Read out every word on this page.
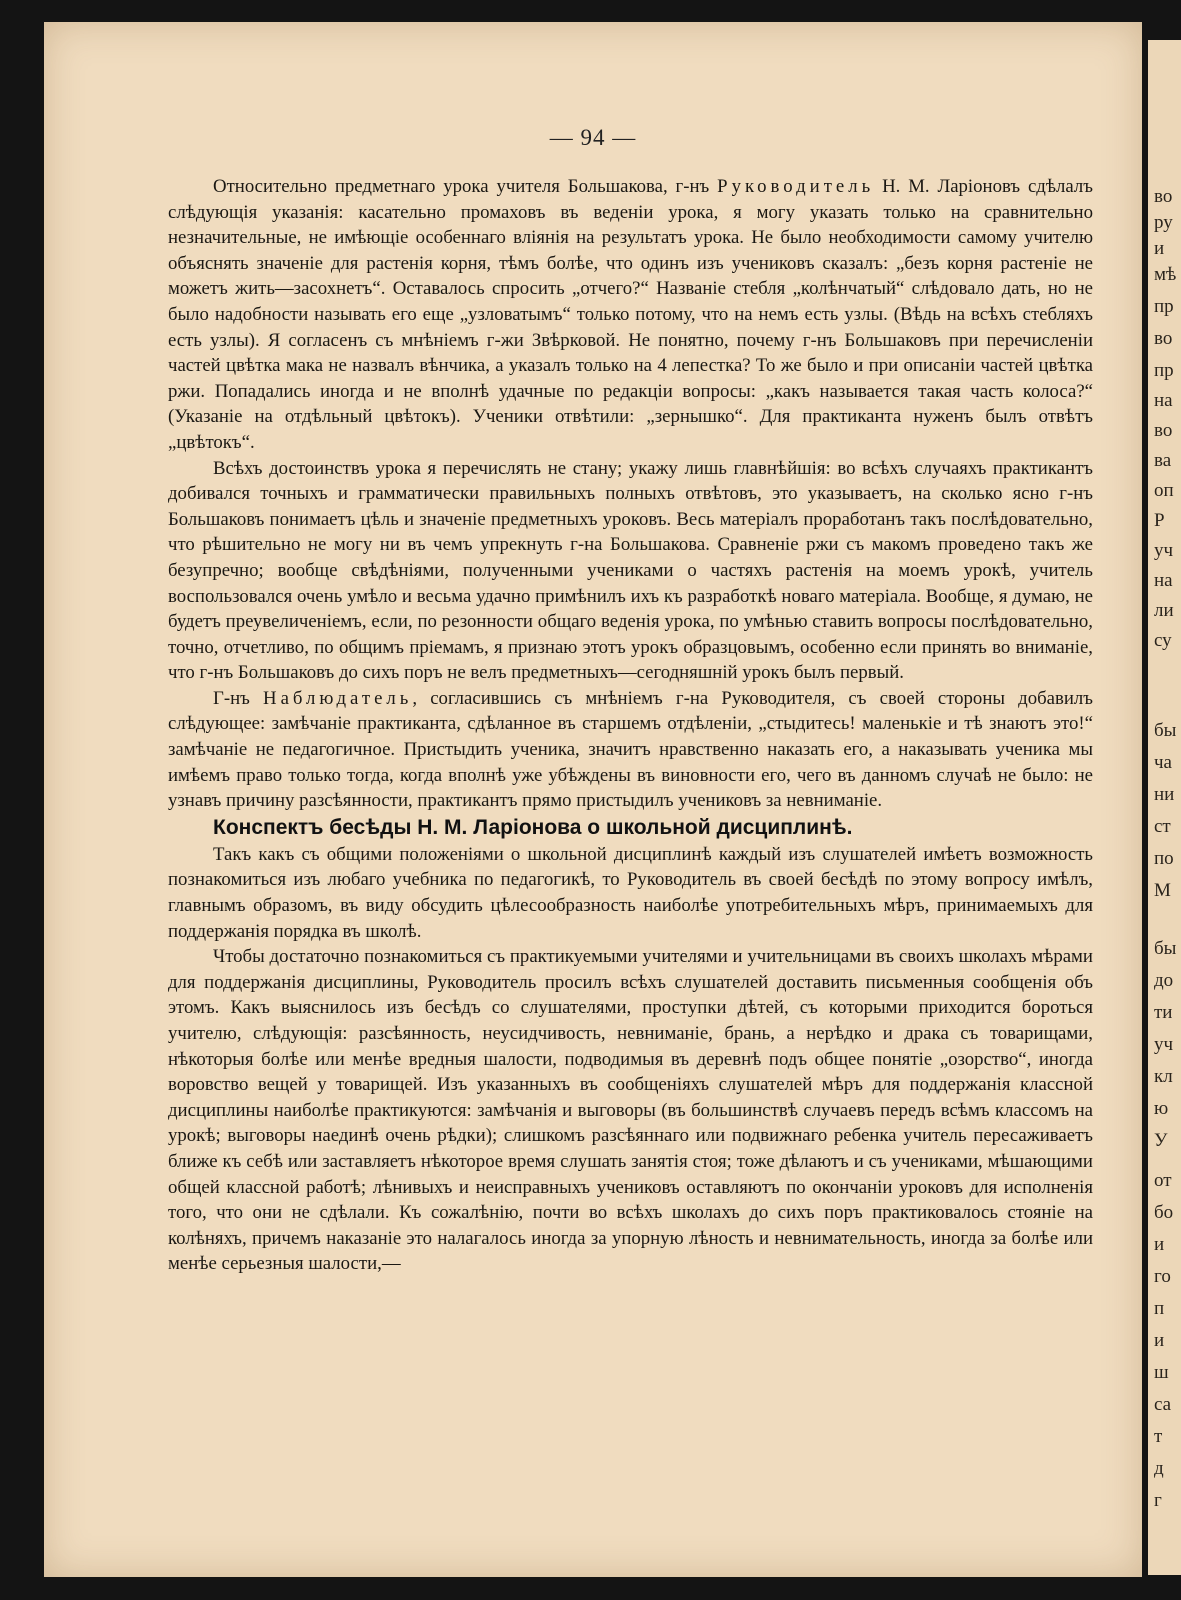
— 94 —

Относительно предметнаго урока учителя Большакова, г-нъ Руководитель Н. М. Ларіоновъ сдѣлалъ слѣдующія указанія: касательно промаховъ въ веденіи урока, я могу указать только на сравнительно незначительные, не имѣющіе особеннаго вліянія на результатъ урока. Не было необходимости самому учителю объяснять значеніе для растенія корня, тѣмъ болѣе, что одинъ изъ учениковъ сказалъ: „безъ корня растеніе не можетъ жить—засохнетъ“. Оставалось спросить „отчего?“ Названіе стебля „колѣнчатый“ слѣдовало дать, но не было надобности называть его еще „узловатымъ“ только потому, что на немъ есть узлы. (Вѣдь на всѣхъ стебляхъ есть узлы). Я согласенъ съ мнѣніемъ г-жи Звѣрковой. Не понятно, почему г-нъ Большаковъ при перечисленіи частей цвѣтка мака не назвалъ вѣнчика, а указалъ только на 4 лепестка? То же было и при описаніи частей цвѣтка ржи. Попадались иногда и не вполнѣ удачные по редакціи вопросы: „какъ называется такая часть колоса?“ (Указаніе на отдѣльный цвѣтокъ). Ученики отвѣтили: „зернышко“. Для практиканта нуженъ былъ отвѣтъ „цвѣтокъ“.

Всѣхъ достоинствъ урока я перечислять не стану; укажу лишь главнѣйшія: во всѣхъ случаяхъ практикантъ добивался точныхъ и грамматически правильныхъ полныхъ отвѣтовъ, это указываетъ, на сколько ясно г-нъ Большаковъ понимаетъ цѣль и значеніе предметныхъ уроковъ. Весь матеріалъ проработанъ такъ послѣдовательно, что рѣшительно не могу ни въ чемъ упрекнуть г-на Большакова. Сравненіе ржи съ макомъ проведено такъ же безупречно; вообще свѣдѣніями, полученными учениками о частяхъ растенія на моемъ урокѣ, учитель воспользовался очень умѣло и весьма удачно примѣнилъ ихъ къ разработкѣ новаго матеріала. Вообще, я думаю, не будетъ преувеличеніемъ, если, по резонности общаго веденія урока, по умѣнью ставить вопросы послѣдовательно, точно, отчетливо, по общимъ пріемамъ, я признаю этотъ урокъ образцовымъ, особенно если принять во вниманіе, что г-нъ Большаковъ до сихъ поръ не велъ предметныхъ—сегодняшній урокъ былъ первый.

Г-нъ Наблюдатель, согласившись съ мнѣніемъ г-на Руководителя, съ своей стороны добавилъ слѣдующее: замѣчаніе практиканта, сдѣланное въ старшемъ отдѣленіи, „стыдитесь! маленькіе и тѣ знаютъ это!“ замѣчаніе не педагогичное. Пристыдить ученика, значитъ нравственно наказать его, а наказывать ученика мы имѣемъ право только тогда, когда вполнѣ уже убѣждены въ виновности его, чего въ данномъ случаѣ не было: не узнавъ причину разсѣянности, практикантъ прямо пристыдилъ учениковъ за невниманіе.

Конспектъ бесѣды Н. М. Ларіонова о школьной дисциплинѣ.

Такъ какъ съ общими положеніями о школьной дисциплинѣ каждый изъ слушателей имѣетъ возможность познакомиться изъ любаго учебника по педагогикѣ, то Руководитель въ своей бесѣдѣ по этому вопросу имѣлъ, главнымъ образомъ, въ виду обсудить цѣлесообразность наиболѣе употребительныхъ мѣръ, принимаемыхъ для поддержанія порядка въ школѣ.

Чтобы достаточно познакомиться съ практикуемыми учителями и учительницами въ своихъ школахъ мѣрами для поддержанія дисциплины, Руководитель просилъ всѣхъ слушателей доставить письменныя сообщенія объ этомъ. Какъ выяснилось изъ бесѣдъ со слушателями, проступки дѣтей, съ которыми приходится бороться учителю, слѣдующія: разсѣянность, неусидчивость, невниманіе, брань, а нерѣдко и драка съ товарищами, нѣкоторыя болѣе или менѣе вредныя шалости, подводимыя въ деревнѣ подъ общее понятіе „озорство“, иногда воровство вещей у товарищей. Изъ указанныхъ въ сообщеніяхъ слушателей мѣръ для поддержанія классной дисциплины наиболѣе практикуются: замѣчанія и выговоры (въ большинствѣ случаевъ передъ всѣмъ классомъ на урокѣ; выговоры наединѣ очень рѣдки); слишкомъ разсѣяннаго или подвижнаго ребенка учитель пересаживаетъ ближе къ себѣ или заставляетъ нѣкоторое время слушать занятія стоя; тоже дѣлаютъ и съ учениками, мѣшающими общей классной работѣ; лѣнивыхъ и неисправныхъ учениковъ оставляютъ по окончаніи уроковъ для исполненія того, что они не сдѣлали. Къ сожалѣнію, почти во всѣхъ школахъ до сихъ поръ практиковалось стояніе на колѣняхъ, причемъ наказаніе это налагалось иногда за упорную лѣность и невнимательность, иногда за болѣе или менѣе серьезныя шалости,—

во
ру
и
мѣ
пр
во
пр
на
во
ва
оп
Р
уч
на
ли
су
бы
ча
ни
ст
по
М
бы
до
ти
уч
кл
ю
У
от
бо
и
го
п
и
ш
са
т
д
г
